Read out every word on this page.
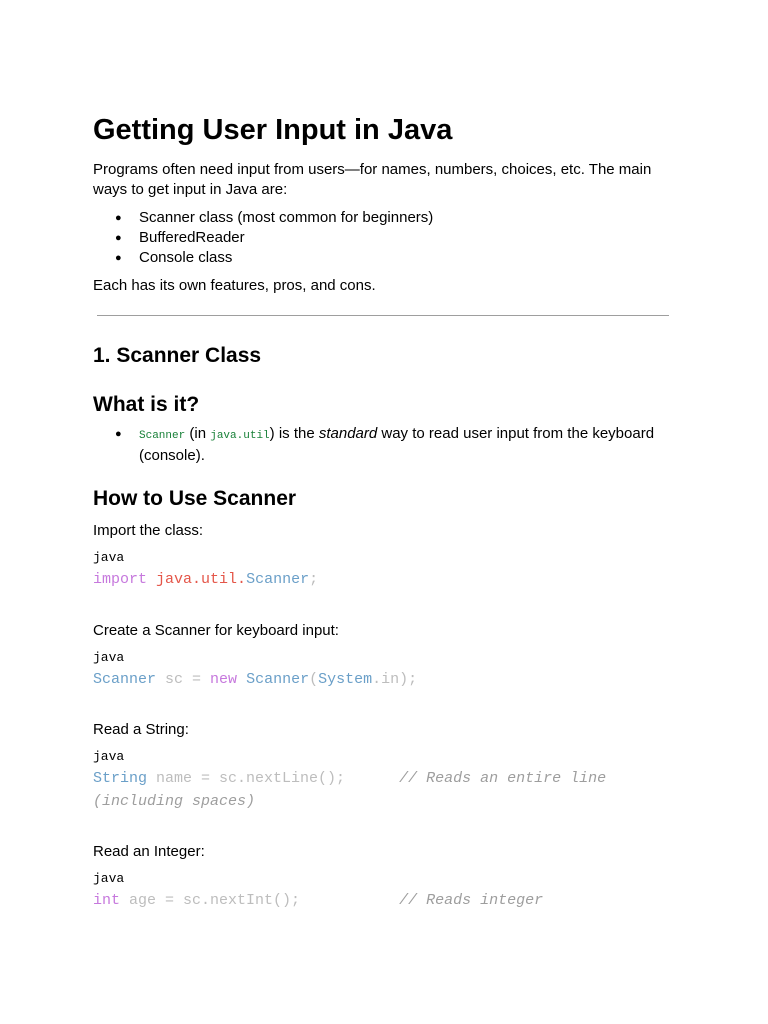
Getting User Input in Java

Programs often need input from users—for names, numbers, choices, etc. The main ways to get input in Java are:

● Scanner class (most common for beginners)
● BufferedReader
● Console class

Each has its own features, pros, and cons.

1. Scanner Class
What is it?
● Scanner (in java.util) is the standard way to read user input from the keyboard (console).
How to Use Scanner

Import the class:

java

import java.util.Scanner;

Create a Scanner for keyboard input:

java

Scanner sc = new Scanner(System.in);

Read a String:

java

String name = sc.nextLine();	// Reads an entire line (including spaces)

Read an Integer:

java

int age = sc.nextInt();	// Reads integer
